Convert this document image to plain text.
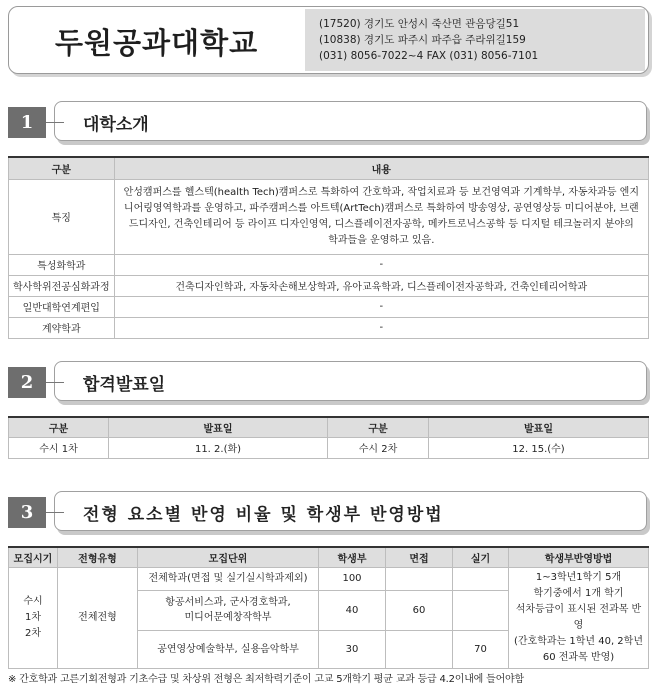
두원공과대학교
(17520) 경기도 안성시 죽산면 관음당길51
(10838) 경기도 파주시 파주읍 주라위길159
(031) 8056-7022~4 FAX (031) 8056-7101
1	대학소개
구분	내용
특징	안성캠퍼스를 헬스텍(health Tech)캠퍼스로 특화하여 간호학과, 작업치료과 등 보건영역과 기계학부, 자동차과등 엔지니어링영역학과를 운영하고, 파주캠퍼스를 아트텍(ArtTech)캠퍼스로 특화하여 방송영상, 공연영상등 미디어분야, 브랜드디자인, 건축인테리어 등 라이프 디자인영역, 디스플레이전자공학, 메카트로닉스공학 등 디지털 테크놀러지 분야의 학과들을 운영하고 있음.
특성화학과	-
학사학위전공심화과정	건축디자인학과, 자동차손해보상학과, 유아교육학과, 디스플레이전자공학과, 건축인테리어학과
일반대학연계편입	-
계약학과	-
2	합격발표일
구분	발표일	구분	발표일
수시 1차	11. 2.(화)	수시 2차	12. 15.(수)
3	전형 요소별 반영 비율 및 학생부 반영방법
모집시기	전형유형	모집단위	학생부	면접	실기	학생부반영방법
수시
1차
2차	전체전형	전체학과(면접 및 실기실시학과제외)	100			1~3학년1학기 5개
학기중에서 1개 학기
석차등급이 표시된 전과목 반영
(간호학과는 1학년 40, 2학년
60 전과목 반영)
		항공서비스과, 군사경호학과,
미디어문예창작학부	40	60		
		공연영상예술학부, 실용음악학부	30		70	
※ 간호학과 고른기회전형과 기초수급 및 차상위 전형은 최저학력기준이 고교 5개학기 평균 교과 등급 4.2이내에 들어야함
